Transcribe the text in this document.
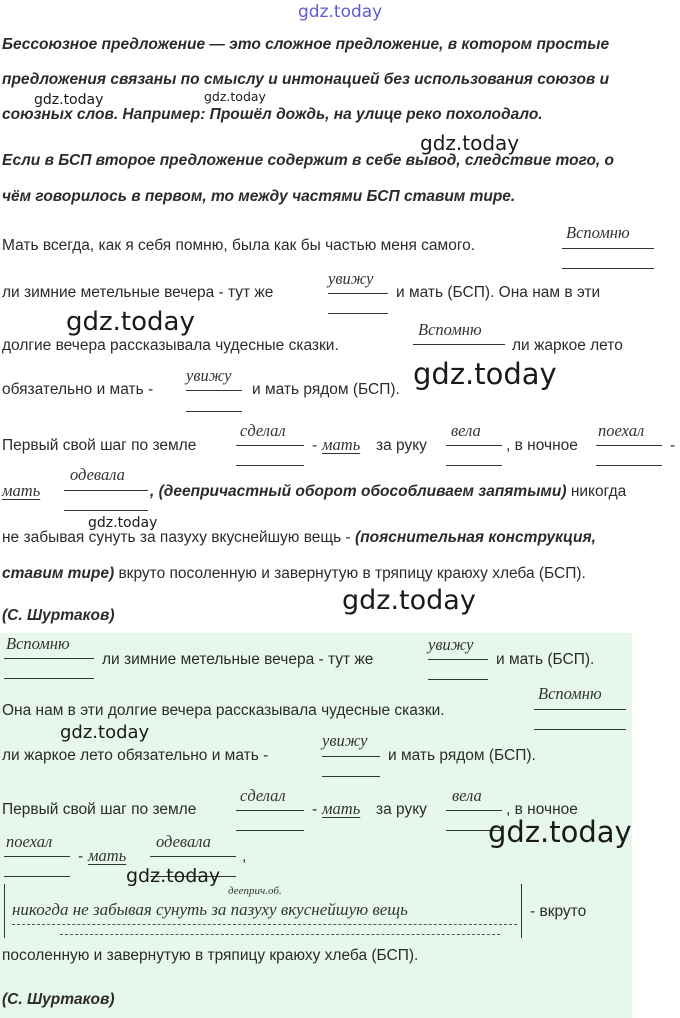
gdz.today
Бессоюзное предложение — это сложное предложение, в котором простые
предложения связаны по смыслу и интонацией без использования союзов и
союзных слов. Например: Прошёл дождь, на улице реко похолодало.
Если в БСП второе предложение содержит в себе вывод, следствие того, о
чём говорилось в первом, то между частями БСП ставим тире.
Мать всегда, как я себя помню, была как бы частью меня самого.
Вспомню
ли зимние метельные вечера - тут же
увижу
и мать (БСП). Она нам в эти
долгие вечера рассказывала чудесные сказки.
Вспомню
ли жаркое лето
обязательно и мать -
увижу
и мать рядом (БСП).
Первый свой шаг по земле
сделал
- мать за руку
вела
, в ночное
поехал
-
мать
одевала
, (деепричастный оборот обособливаем запятыми) никогда
не забывая сунуть за пазуху вкуснейшую вещь - (пояснительная конструкция,
ставим тире) вкруто посоленную и завернутую в тряпицу краюху хлеба (БСП).
(С. Шуртаков)
Вспомню
ли зимние метельные вечера - тут же
увижу
и мать (БСП).
Она нам в эти долгие вечера рассказывала чудесные сказки.
Вспомню
ли жаркое лето обязательно и мать -
увижу
и мать рядом (БСП).
Первый свой шаг по земле
сделал
- мать за руку
вела
, в ночное
поехал
- мать
одевала
,
дееприч.об.
никогда не забывая сунуть за пазуху вкуснейшую вещь	- вкруто
посоленную и завернутую в тряпицу краюху хлеба (БСП).
(С. Шуртаков)
gdz.today	gdz.today
gdz.today
gdz.today
gdz.today
gdz.today
gdz.today
gdz.today
gdz.today
gdz.today
